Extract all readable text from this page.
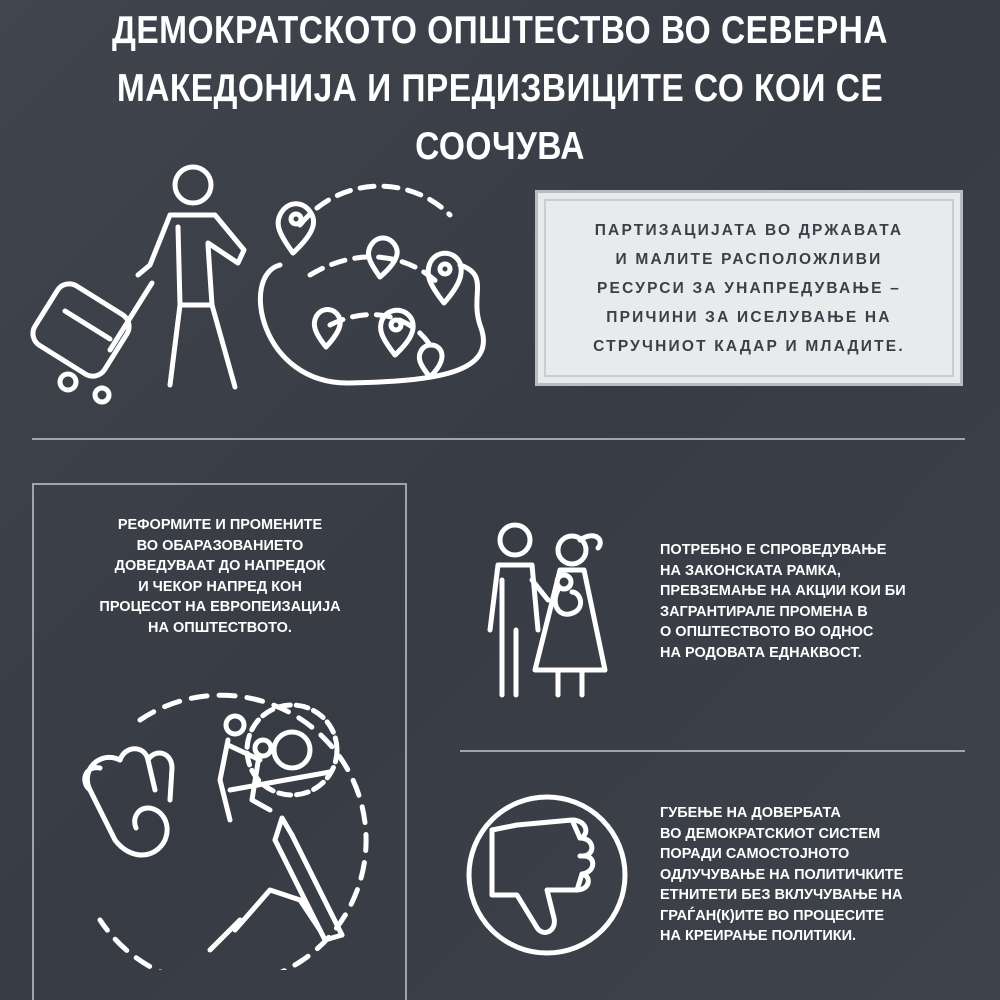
ДЕМОКРАТСКОТО ОПШТЕСТВО ВО СЕВЕРНА
МАКЕДОНИЈА И ПРЕДИЗВИЦИТЕ СО КОИ СЕ СООЧУВА

ПАРТИЗАЦИЈАТА ВО ДРЖАВАТА
И МАЛИТЕ РАСПОЛОЖЛИВИ
РЕСУРСИ ЗА УНАПРЕДУВАЊЕ –
ПРИЧИНИ ЗА ИСЕЛУВАЊЕ НА
СТРУЧНИОТ КАДАР И МЛАДИТЕ.

РЕФОРМИТЕ И ПРОМЕНИТЕ
ВО ОБАРАЗОВАНИЕТО
ДОВЕДУВААТ ДО НАПРЕДОК
И ЧЕКОР НАПРЕД КОН
ПРОЦЕСОТ НА ЕВРОПЕИЗАЦИЈА
НА ОПШТЕСТВОТО.

ПОТРЕБНО Е СПРОВЕДУВАЊЕ
НА ЗАКОНСКАТА РАМКА,
ПРЕВЗЕМАЊЕ НА АКЦИИ КОИ БИ
ЗАГРАНТИРАЛЕ ПРОМЕНА В
О ОПШТЕСТВОТО ВО ОДНОС
НА РОДОВАТА ЕДНАКВОСТ.

ГУБЕЊЕ НА ДОВЕРБАТА
ВО ДЕМОКРАТСКИОТ СИСТЕМ
ПОРАДИ САМОСТОЈНОТО
ОДЛУЧУВАЊЕ НА ПОЛИТИЧКИТЕ
ЕТНИТЕТИ БЕЗ ВКЛУЧУВАЊЕ НА
ГРАЃАН(К)ИТЕ ВО ПРОЦЕСИТЕ
НА КРЕИРАЊЕ ПОЛИТИКИ.
